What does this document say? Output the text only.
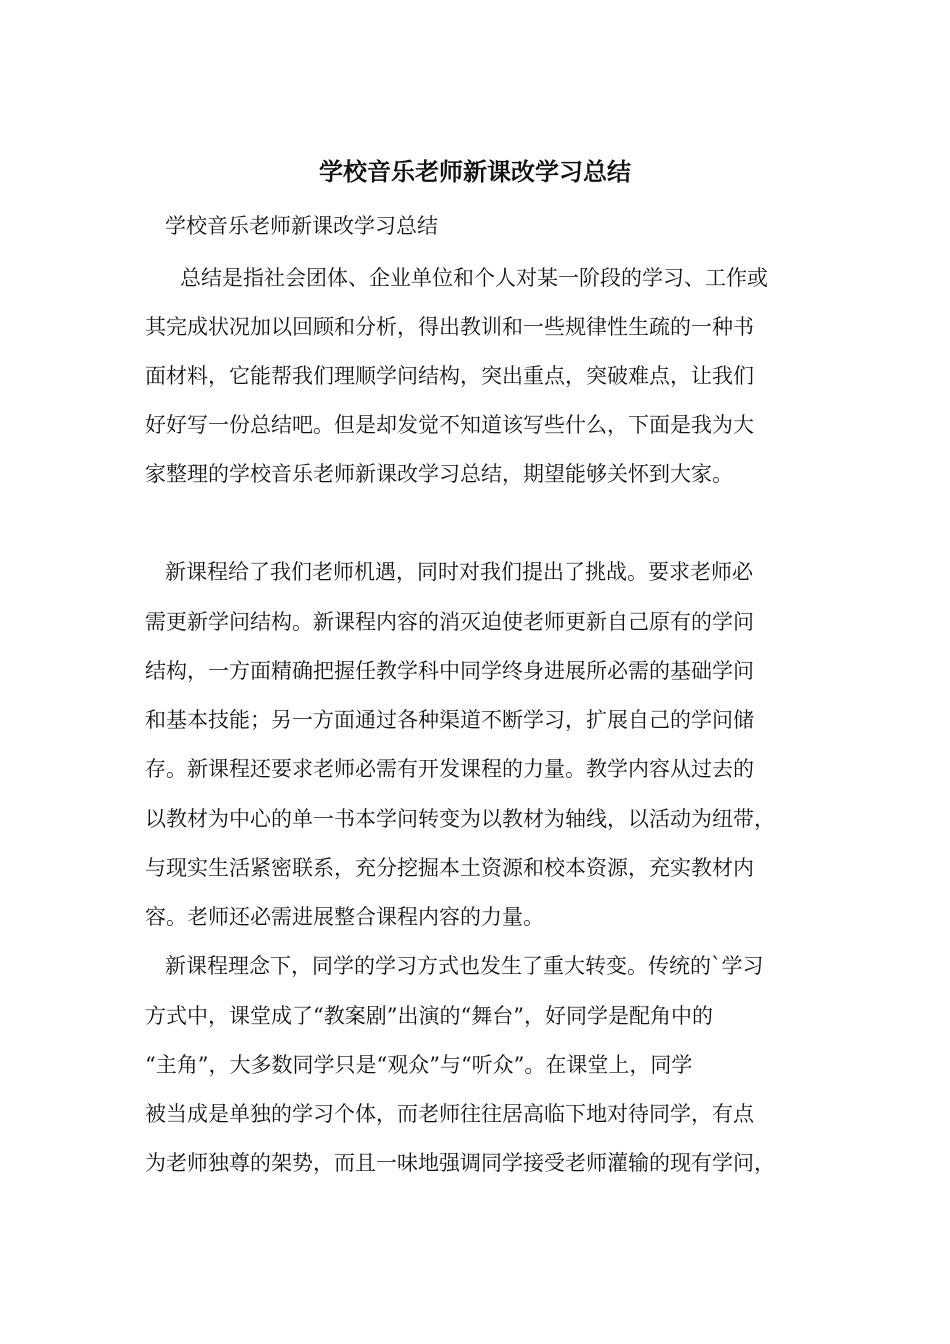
学校音乐老师新课改学习总结

学校音乐老师新课改学习总结

总结是指社会团体、企业单位和个人对某一阶段的学习、工作或

其完成状况加以回顾和分析，得出教训和一些规律性生疏的一种书

面材料，它能帮我们理顺学问结构，突出重点，突破难点，让我们

好好写一份总结吧。但是却发觉不知道该写些什么，下面是我为大

家整理的学校音乐老师新课改学习总结，期望能够关怀到大家。

新课程给了我们老师机遇，同时对我们提出了挑战。要求老师必

需更新学问结构。新课程内容的消灭迫使老师更新自己原有的学问

结构，一方面精确把握任教学科中同学终身进展所必需的基础学问

和基本技能；另一方面通过各种渠道不断学习，扩展自己的学问储

存。新课程还要求老师必需有开发课程的力量。教学内容从过去的

以教材为中心的单一书本学问转变为以教材为轴线，以活动为纽带，

与现实生活紧密联系，充分挖掘本土资源和校本资源，充实教材内

容。老师还必需进展整合课程内容的力量。

新课程理念下，同学的学习方式也发生了重大转变。传统的`学习

方式中，课堂成了“教案剧”出演的“舞台”，好同学是配角中的

“主角”，大多数同学只是“观众”与“听众”。在课堂上，同学

被当成是单独的学习个体，而老师往往居高临下地对待同学，有点

为老师独尊的架势，而且一味地强调同学接受老师灌输的现有学问，
